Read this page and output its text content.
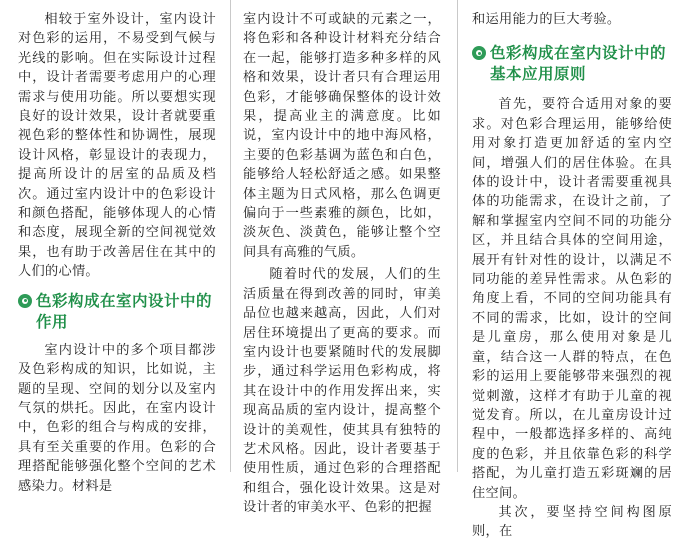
相较于室外设计，室内设计对色彩的运用，不易受到气候与光线的影响。但在实际设计过程中，设计者需要考虑用户的心理需求与使用功能。所以要想实现良好的设计效果，设计者就要重视色彩的整体性和协调性，展现设计风格，彰显设计的表现力，提高所设计的居室的品质及档次。通过室内设计中的色彩设计和颜色搭配，能够体现人的心情和态度，展现全新的空间视觉效果，也有助于改善居住在其中的人们的心情。

色彩构成在室内设计中的作用

室内设计中的多个项目都涉及色彩构成的知识，比如说，主题的呈现、空间的划分以及室内气氛的烘托。因此，在室内设计中，色彩的组合与构成的安排，具有至关重要的作用。色彩的合理搭配能够强化整个空间的艺术感染力。材料是

室内设计不可或缺的元素之一，将色彩和各种设计材料充分结合在一起，能够打造多种多样的风格和效果，设计者只有合理运用色彩，才能够确保整体的设计效果，提高业主的满意度。比如说，室内设计中的地中海风格，主要的色彩基调为蓝色和白色，能够给人轻松舒适之感。如果整体主题为日式风格，那么色调更偏向于一些素雅的颜色，比如，淡灰色、淡黄色，能够让整个空间具有高雅的气质。

随着时代的发展，人们的生活质量在得到改善的同时，审美品位也越来越高，因此，人们对居住环境提出了更高的要求。而室内设计也要紧随时代的发展脚步，通过科学运用色彩构成，将其在设计中的作用发挥出来，实现高品质的室内设计，提高整个设计的美观性，使其具有独特的艺术风格。因此，设计者要基于使用性质，通过色彩的合理搭配和组合，强化设计效果。这是对设计者的审美水平、色彩的把握

和运用能力的巨大考验。

色彩构成在室内设计中的基本应用原则

首先，要符合适用对象的要求。对色彩合理运用，能够给使用对象打造更加舒适的室内空间，增强人们的居住体验。在具体的设计中，设计者需要重视具体的功能需求，在设计之前，了解和掌握室内空间不同的功能分区，并且结合具体的空间用途，展开有针对性的设计，以满足不同功能的差异性需求。从色彩的角度上看，不同的空间功能具有不同的需求，比如，设计的空间是儿童房，那么使用对象是儿童，结合这一人群的特点，在色彩的运用上要能够带来强烈的视觉刺激，这样才有助于儿童的视觉发育。所以，在儿童房设计过程中，一般都选择多样的、高纯度的色彩，并且依靠色彩的科学搭配，为儿童打造五彩斑斓的居住空间。

其次，要坚持空间构图原则，在
